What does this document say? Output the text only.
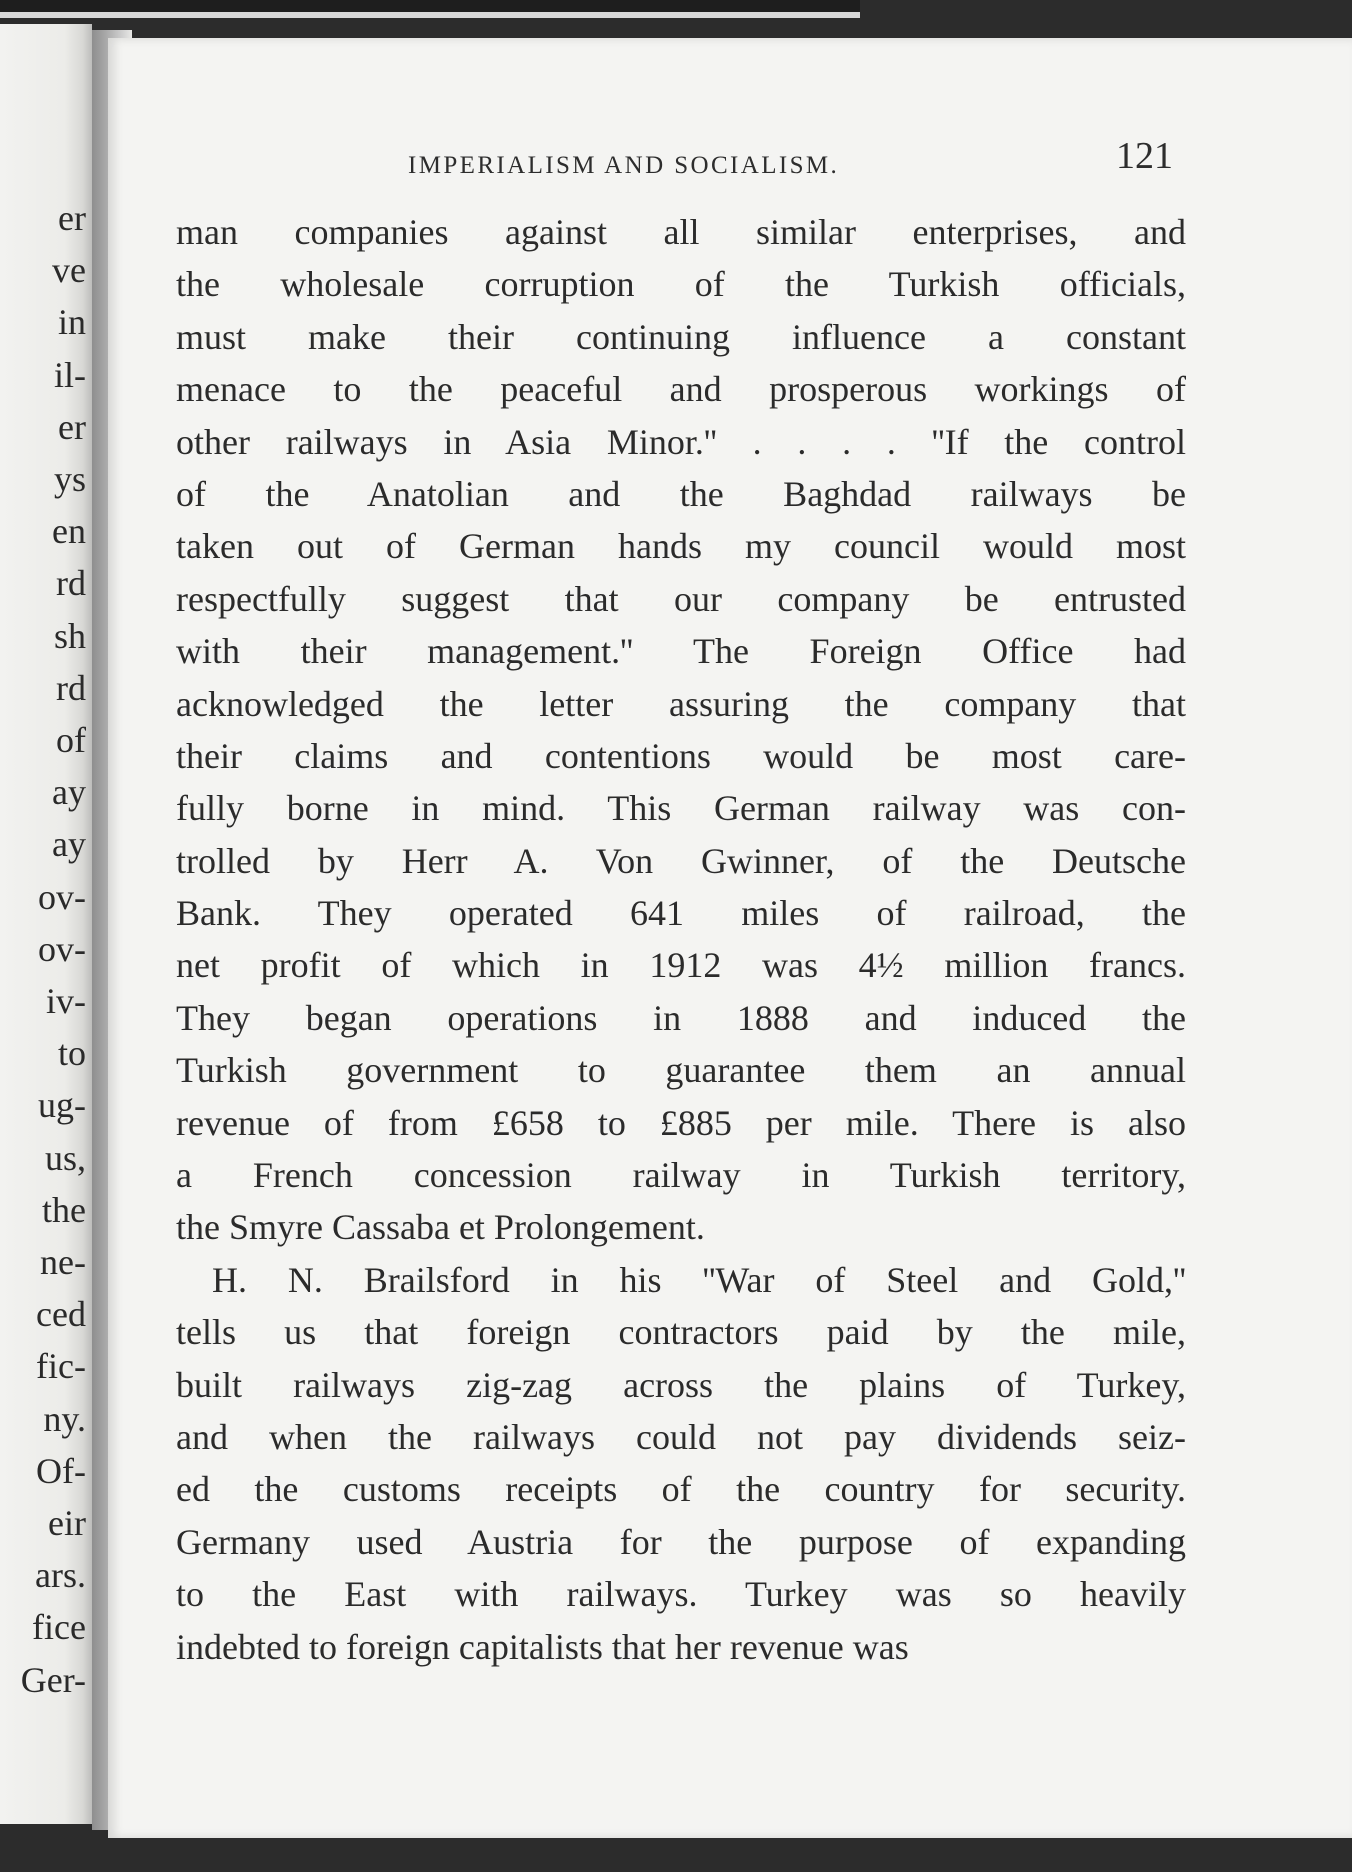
er
ve
in
il-
er
ys
en
rd
sh
rd
of
ay
ay
ov-
ov-
iv-
to
ug-
us,
the
ne-
ced
fic-
ny.
Of-
eir
ars.
fice
Ger-
IMPERIALISM AND SOCIALISM.	121
man companies against all similar enterprises, and
the wholesale corruption of the Turkish officials,
must make their continuing influence a constant
menace to the peaceful and prosperous workings of
other railways in Asia Minor.'' . . . . ''If the control
of the Anatolian and the Baghdad railways be
taken out of German hands my council would most
respectfully suggest that our company be entrusted
with their management.'' The Foreign Office had
acknowledged the letter assuring the company that
their claims and contentions would be most care-
fully borne in mind. This German railway was con-
trolled by Herr A. Von Gwinner, of the Deutsche
Bank. They operated 641 miles of railroad, the
net profit of which in 1912 was 4½ million francs.
They began operations in 1888 and induced the
Turkish government to guarantee them an annual
revenue of from £658 to £885 per mile. There is also
a French concession railway in Turkish territory,
the Smyre Cassaba et Prolongement.
H. N. Brailsford in his ''War of Steel and Gold,''
tells us that foreign contractors paid by the mile,
built railways zig-zag across the plains of Turkey,
and when the railways could not pay dividends seiz-
ed the customs receipts of the country for security.
Germany used Austria for the purpose of expanding
to the East with railways. Turkey was so heavily
indebted to foreign capitalists that her revenue was
